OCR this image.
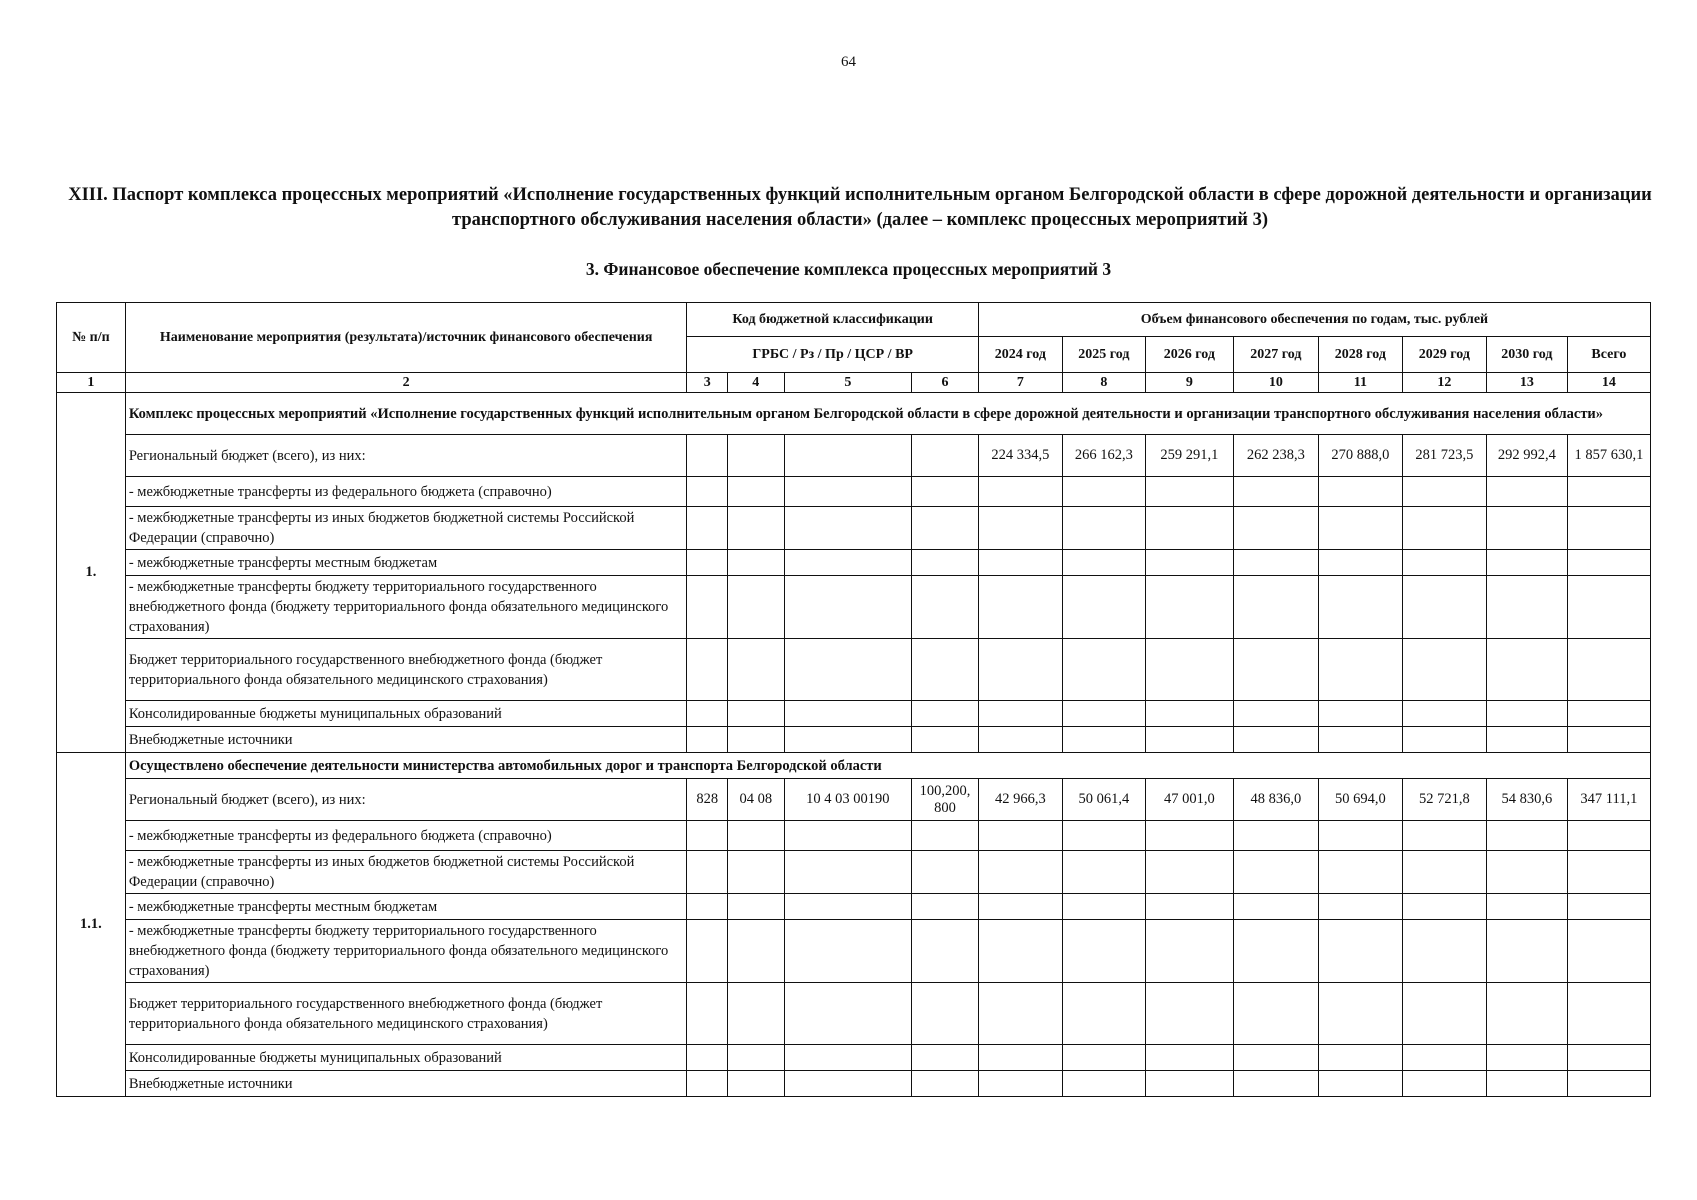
64
XIII. Паспорт комплекса процессных мероприятий «Исполнение государственных функций исполнительным органом Белгородской области в сфере дорожной деятельности и организации транспортного обслуживания населения области» (далее – комплекс процессных мероприятий 3)
3. Финансовое обеспечение комплекса процессных мероприятий 3
№ п/п	Наименование мероприятия (результата)/источник финансового обеспечения	Код бюджетной классификации				Объем финансового обеспечения по годам, тыс. рублей							
		ГРБС / Рз / Пр / ЦСР / ВР				2024 год	2025 год	2026 год	2027 год	2028 год	2029 год	2030 год	Всего
1	2	3	4	5	6	7	8	9	10	11	12	13	14
1.	Комплекс процессных мероприятий «Исполнение государственных функций исполнительным органом Белгородской области в сфере дорожной деятельности и организации транспортного обслуживания населения области»												
	Региональный бюджет (всего), из них:					224 334,5	266 162,3	259 291,1	262 238,3	270 888,0	281 723,5	292 992,4	1 857 630,1
	- межбюджетные трансферты из федерального бюджета (справочно)												
	- межбюджетные трансферты из иных бюджетов бюджетной системы Российской Федерации (справочно)												
	- межбюджетные трансферты местным бюджетам												
	- межбюджетные трансферты бюджету территориального государственного внебюджетного фонда (бюджету территориального фонда обязательного медицинского страхования)												
	Бюджет территориального государственного внебюджетного фонда (бюджет территориального фонда обязательного медицинского страхования)												
	Консолидированные бюджеты муниципальных образований												
	Внебюджетные источники												
1.1.	Осуществлено обеспечение деятельности министерства автомобильных дорог и транспорта Белгородской области												
	Региональный бюджет (всего), из них:	828	04 08	10 4 03 00190	100,200, 800	42 966,3	50 061,4	47 001,0	48 836,0	50 694,0	52 721,8	54 830,6	347 111,1
	- межбюджетные трансферты из федерального бюджета (справочно)												
	- межбюджетные трансферты из иных бюджетов бюджетной системы Российской Федерации (справочно)												
	- межбюджетные трансферты местным бюджетам												
	- межбюджетные трансферты бюджету территориального государственного внебюджетного фонда (бюджету территориального фонда обязательного медицинского страхования)												
	Бюджет территориального государственного внебюджетного фонда (бюджет территориального фонда обязательного медицинского страхования)												
	Консолидированные бюджеты муниципальных образований												
	Внебюджетные источники												
